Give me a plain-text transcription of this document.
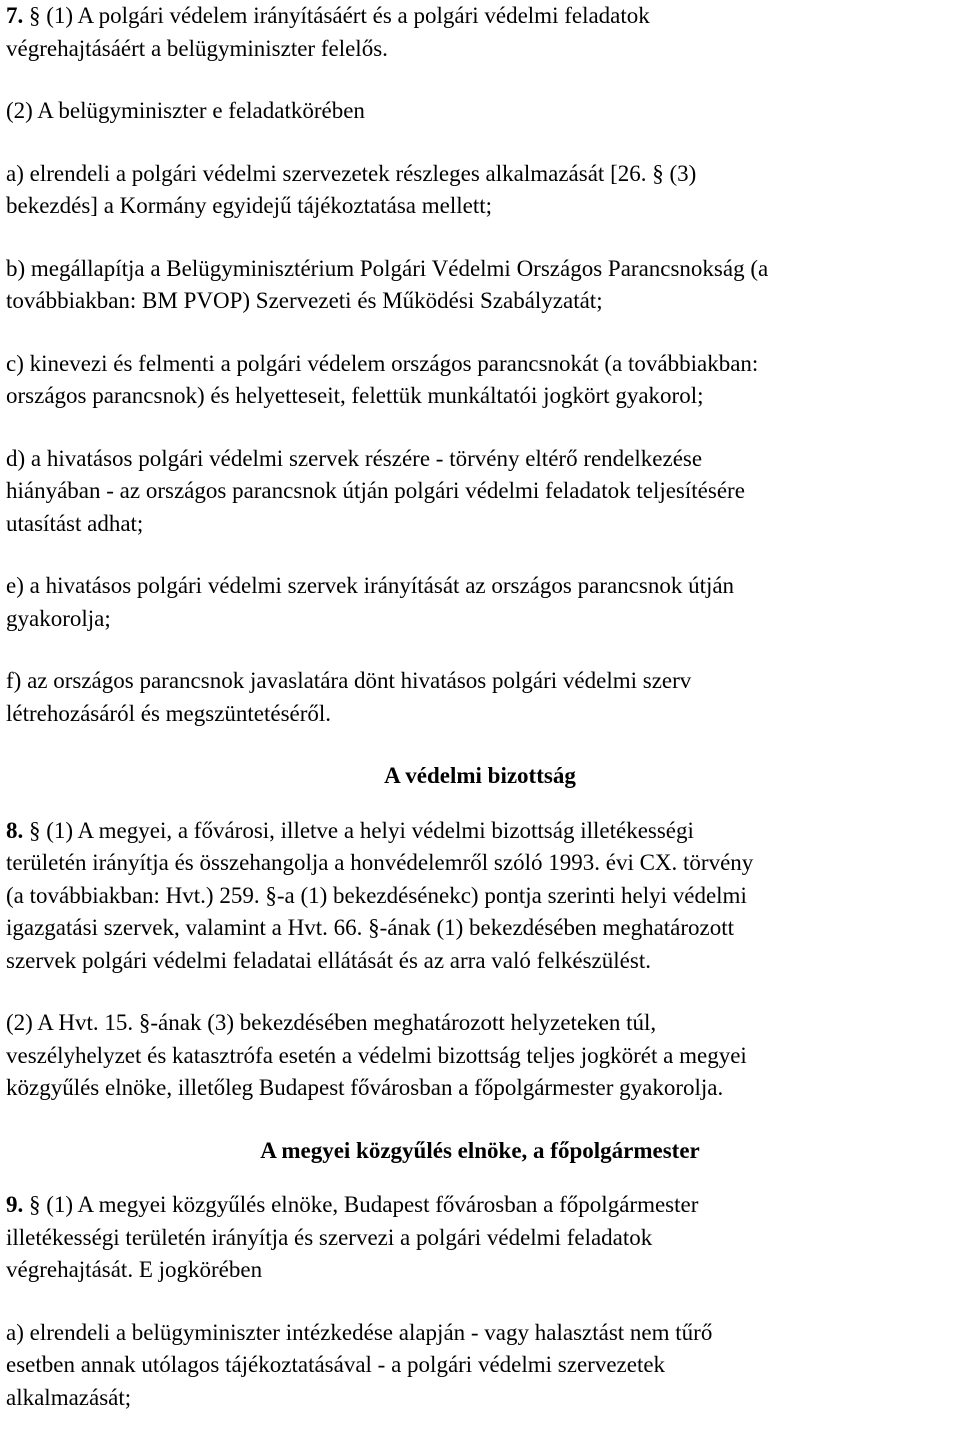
7. § (1) A polgári védelem irányításáért és a polgári védelmi feladatok

végrehajtásáért a belügyminiszter felelős.

(2) A belügyminiszter e feladatkörében

a) elrendeli a polgári védelmi szervezetek részleges alkalmazását [26. § (3)

bekezdés] a Kormány egyidejű tájékoztatása mellett;

b) megállapítja a Belügyminisztérium Polgári Védelmi Országos Parancsnokság (a

továbbiakban: BM PVOP) Szervezeti és Működési Szabályzatát;

c) kinevezi és felmenti a polgári védelem országos parancsnokát (a továbbiakban:

országos parancsnok) és helyetteseit, felettük munkáltatói jogkört gyakorol;

d) a hivatásos polgári védelmi szervek részére - törvény eltérő rendelkezése

hiányában - az országos parancsnok útján polgári védelmi feladatok teljesítésére

utasítást adhat;

e) a hivatásos polgári védelmi szervek irányítását az országos parancsnok útján

gyakorolja;

f) az országos parancsnok javaslatára dönt hivatásos polgári védelmi szerv

létrehozásáról és megszüntetéséről.

A védelmi bizottság

8. § (1) A megyei, a fővárosi, illetve a helyi védelmi bizottság illetékességi

területén irányítja és összehangolja a honvédelemről szóló 1993. évi CX. törvény

(a továbbiakban: Hvt.) 259. §-a (1) bekezdésénekc) pontja szerinti helyi védelmi

igazgatási szervek, valamint a Hvt. 66. §-ának (1) bekezdésében meghatározott

szervek polgári védelmi feladatai ellátását és az arra való felkészülést.

(2) A Hvt. 15. §-ának (3) bekezdésében meghatározott helyzeteken túl,

veszélyhelyzet és katasztrófa esetén a védelmi bizottság teljes jogkörét a megyei

közgyűlés elnöke, illetőleg Budapest fővárosban a főpolgármester gyakorolja.

A megyei közgyűlés elnöke, a főpolgármester

9. § (1) A megyei közgyűlés elnöke, Budapest fővárosban a főpolgármester

illetékességi területén irányítja és szervezi a polgári védelmi feladatok

végrehajtását. E jogkörében

a) elrendeli a belügyminiszter intézkedése alapján - vagy halasztást nem tűrő

esetben annak utólagos tájékoztatásával - a polgári védelmi szervezetek

alkalmazását;
